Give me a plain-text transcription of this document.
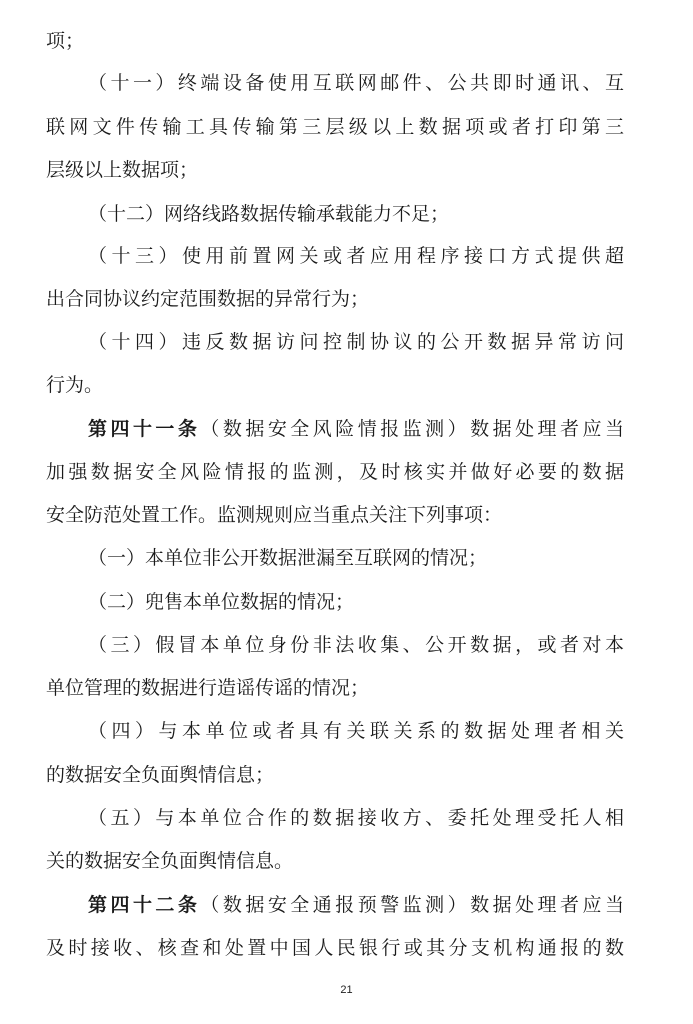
项；
（十一）终端设备使用互联网邮件、公共即时通讯、互
联网文件传输工具传输第三层级以上数据项或者打印第三
层级以上数据项；
（十二）网络线路数据传输承载能力不足；
（十三）使用前置网关或者应用程序接口方式提供超
出合同协议约定范围数据的异常行为；
（十四）违反数据访问控制协议的公开数据异常访问
行为。
第四十一条（数据安全风险情报监测）数据处理者应当
加强数据安全风险情报的监测，及时核实并做好必要的数据
安全防范处置工作。监测规则应当重点关注下列事项：
（一）本单位非公开数据泄漏至互联网的情况；
（二）兜售本单位数据的情况；
（三）假冒本单位身份非法收集、公开数据，或者对本
单位管理的数据进行造谣传谣的情况；
（四）与本单位或者具有关联关系的数据处理者相关
的数据安全负面舆情信息；
（五）与本单位合作的数据接收方、委托处理受托人相
关的数据安全负面舆情信息。
第四十二条（数据安全通报预警监测）数据处理者应当
及时接收、核查和处置中国人民银行或其分支机构通报的数
21
